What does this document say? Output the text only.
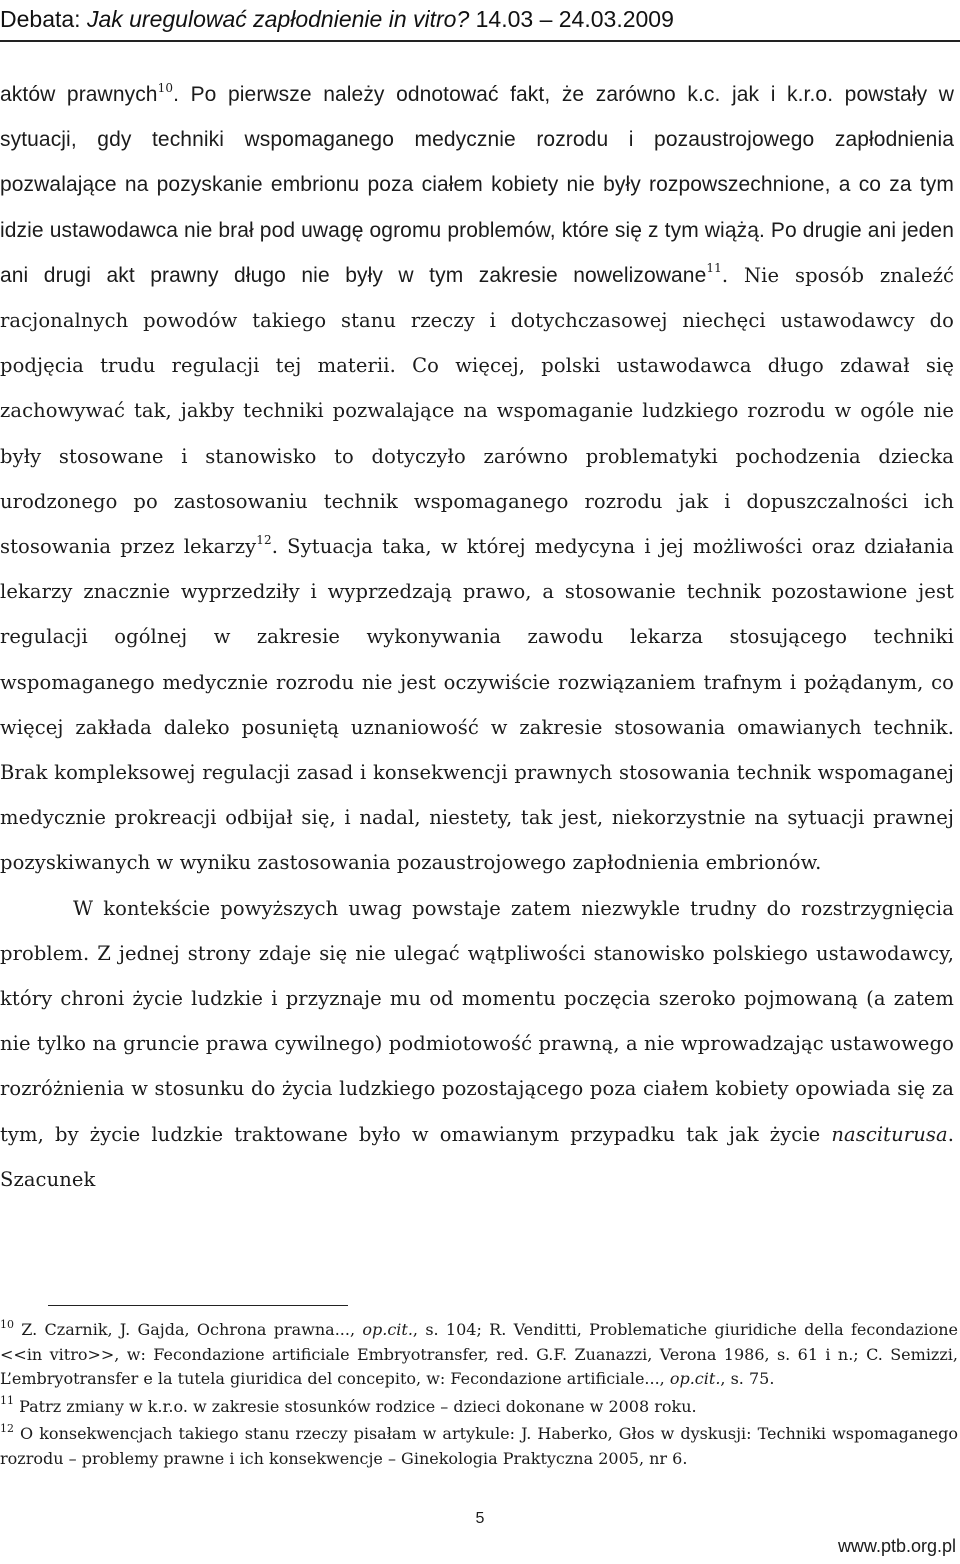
Debata: Jak uregulować zapłodnienie in vitro? 14.03 – 24.03.2009

aktów prawnych$^{10}$. Po pierwsze należy odnotować fakt, że zarówno k.c. jak i k.r.o. powstały w sytuacji, gdy techniki wspomaganego medycznie rozrodu i pozaustrojowego zapłodnienia pozwalające na pozyskanie embrionu poza ciałem kobiety nie były rozpowszechnione, a co za tym idzie ustawodawca nie brał pod uwagę ogromu problemów, które się z tym wiążą. Po drugie ani jeden ani drugi akt prawny długo nie były w tym zakresie nowelizowane$^{11}$. Nie sposób znaleźć racjonalnych powodów takiego stanu rzeczy i dotychczasowej niechęci ustawodawcy do podjęcia trudu regulacji tej materii. Co więcej, polski ustawodawca długo zdawał się zachowywać tak, jakby techniki pozwalające na wspomaganie ludzkiego rozrodu w ogóle nie były stosowane i stanowisko to dotyczyło zarówno problematyki pochodzenia dziecka urodzonego po zastosowaniu technik wspomaganego rozrodu jak i dopuszczalności ich stosowania przez lekarzy$^{12}$. Sytuacja taka, w której medycyna i jej możliwości oraz działania lekarzy znacznie wyprzedziły i wyprzedzają prawo, a stosowanie technik pozostawione jest regulacji ogólnej w zakresie wykonywania zawodu lekarza stosującego techniki wspomaganego medycznie rozrodu nie jest oczywiście rozwiązaniem trafnym i pożądanym, co więcej zakłada daleko posuniętą uznaniowość w zakresie stosowania omawianych technik. Brak kompleksowej regulacji zasad i konsekwencji prawnych stosowania technik wspomaganej medycznie prokreacji odbijał się, i nadal, niestety, tak jest, niekorzystnie na sytuacji prawnej pozyskiwanych w wyniku zastosowania pozaustrojowego zapłodnienia embrionów.

W kontekście powyższych uwag powstaje zatem niezwykle trudny do rozstrzygnięcia problem. Z jednej strony zdaje się nie ulegać wątpliwości stanowisko polskiego ustawodawcy, który chroni życie ludzkie i przyznaje mu od momentu poczęcia szeroko pojmowaną (a zatem nie tylko na gruncie prawa cywilnego) podmiotowość prawną, a nie wprowadzając ustawowego rozróżnienia w stosunku do życia ludzkiego pozostającego poza ciałem kobiety opowiada się za tym, by życie ludzkie traktowane było w omawianym przypadku tak jak życie nasciturusa. Szacunek

$^{10}$ Z. Czarnik, J. Gajda, Ochrona prawna..., op.cit., s. 104; R. Venditti, Problematiche giuridiche della fecondazione <<in vitro>>, w: Fecondazione artificiale Embryotransfer, red. G.F. Zuanazzi, Verona 1986, s. 61 i n.; C. Semizzi, L’embryotransfer e la tutela giuridica del concepito, w: Fecondazione artificiale..., op.cit., s. 75.

$^{11}$ Patrz zmiany w k.r.o. w zakresie stosunków rodzice – dzieci dokonane w 2008 roku.

$^{12}$ O konsekwencjach takiego stanu rzeczy pisałam w artykule: J. Haberko, Głos w dyskusji: Techniki wspomaganego rozrodu – problemy prawne i ich konsekwencje – Ginekologia Praktyczna 2005, nr 6.

5
www.ptb.org.pl
